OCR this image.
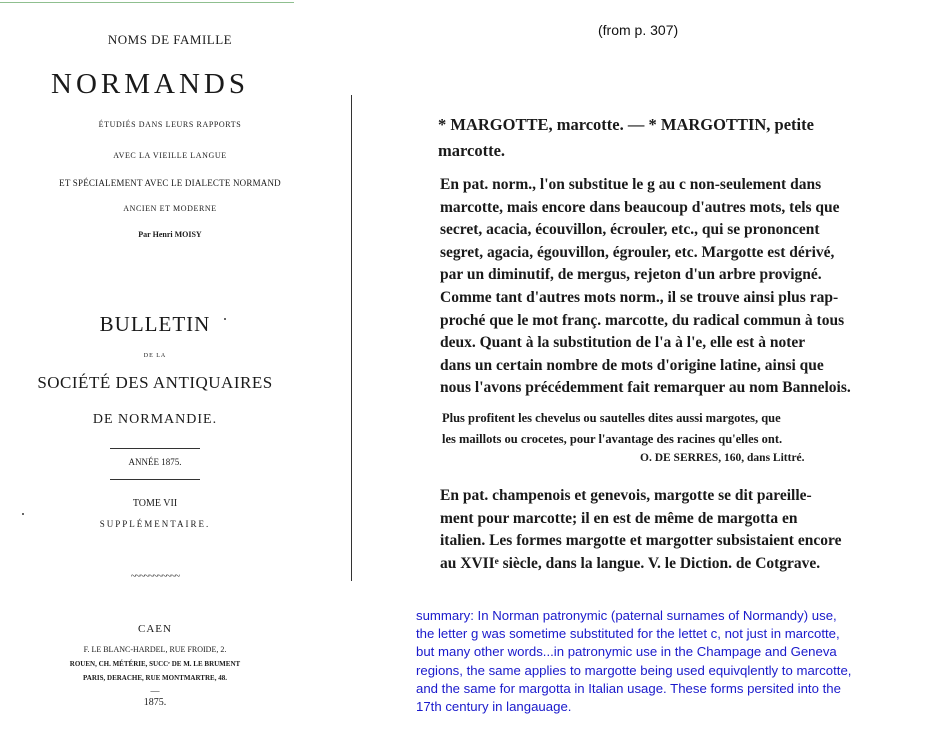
NOMS DE FAMILLE
NORMANDS
ÉTUDIÉS DANS LEURS RAPPORTS
AVEC LA VIEILLE LANGUE
ET SPÉCIALEMENT AVEC LE DIALECTE NORMAND
ANCIEN ET MODERNE
Par Henri MOISY
BULLETIN
DE LA
SOCIÉTÉ DES ANTIQUAIRES
DE NORMANDIE.
ANNÉE 1875.
TOME VII
SUPPLÉMENTAIRE.
~~~~~~~~~~~
CAEN
F. LE BLANC-HARDEL, RUE FROIDE, 2.
ROUEN, CH. MÉTÉRIE, SUCCʳ DE M. LE BRUMENT
PARIS, DERACHE, RUE MONTMARTRE, 48.
—
1875.
(from p. 307)
* MARGOTTE, marcotte. — * MARGOTTIN, petite
marcotte.
En pat. norm., l'on substitue le g au c non-seulement dans
marcotte, mais encore dans beaucoup d'autres mots, tels que
secret, acacia, écouvillon, écrouler, etc., qui se prononcent
segret, agacia, égouvillon, égrouler, etc. Margotte est dérivé,
par un diminutif, de mergus, rejeton d'un arbre provigné.
Comme tant d'autres mots norm., il se trouve ainsi plus rap-
proché que le mot franç. marcotte, du radical commun à tous
deux. Quant à la substitution de l'a à l'e, elle est à noter
dans un certain nombre de mots d'origine latine, ainsi que
nous l'avons précédemment fait remarquer au nom Bannelois.
Plus profitent les chevelus ou sautelles dites aussi margotes, que
les maillots ou crocetes, pour l'avantage des racines qu'elles ont.
O. DE SERRES, 160, dans Littré.
En pat. champenois et genevois, margotte se dit pareille-
ment pour marcotte; il en est de même de margotta en
italien. Les formes margotte et margotter subsistaient encore
au XVIIᵉ siècle, dans la langue. V. le Diction. de Cotgrave.
summary: In Norman patronymic (paternal surnames of Normandy) use,
the letter g was sometime substituted for the lettet c, not just in marcotte,
but many other words...in patronymic use in the Champage and Geneva
regions, the same applies to margotte being used equivqlently to marcotte,
and the same for margotta in Italian usage. These forms persited into the
17th century in langauage.
